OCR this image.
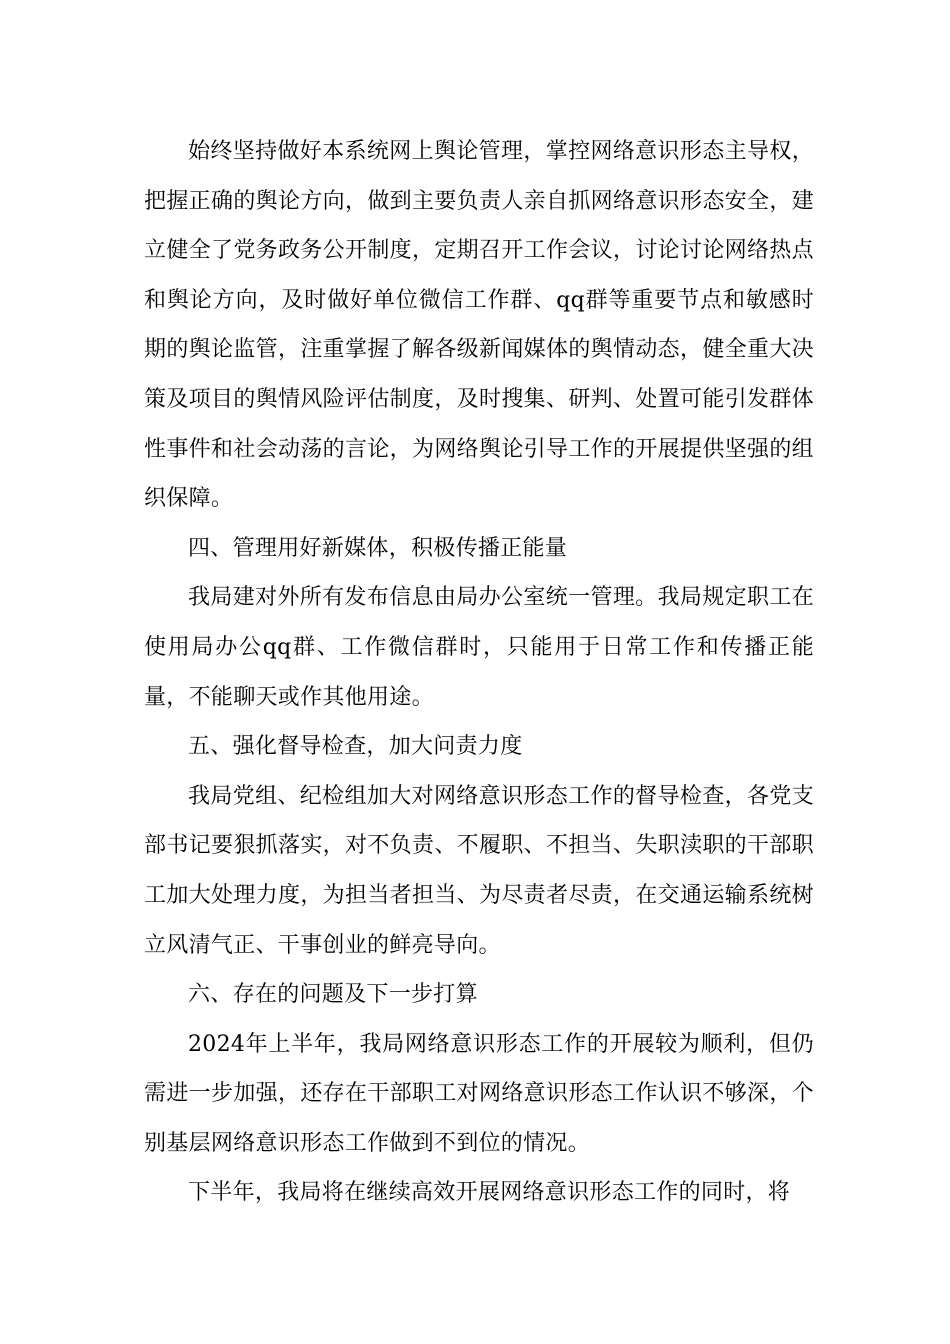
始终坚持做好本系统网上舆论管理，掌控网络意识形态主导权，把握正确的舆论方向，做到主要负责人亲自抓网络意识形态安全，建立健全了党务政务公开制度，定期召开工作会议，讨论讨论网络热点和舆论方向，及时做好单位微信工作群、qq群等重要节点和敏感时期的舆论监管，注重掌握了解各级新闻媒体的舆情动态，健全重大决策及项目的舆情风险评估制度，及时搜集、研判、处置可能引发群体性事件和社会动荡的言论，为网络舆论引导工作的开展提供坚强的组织保障。

四、管理用好新媒体，积极传播正能量

我局建对外所有发布信息由局办公室统一管理。我局规定职工在使用局办公qq群、工作微信群时，只能用于日常工作和传播正能量，不能聊天或作其他用途。

五、强化督导检查，加大问责力度

我局党组、纪检组加大对网络意识形态工作的督导检查，各党支部书记要狠抓落实，对不负责、不履职、不担当、失职渎职的干部职工加大处理力度，为担当者担当、为尽责者尽责，在交通运输系统树立风清气正、干事创业的鲜亮导向。

六、存在的问题及下一步打算

2024年上半年，我局网络意识形态工作的开展较为顺利，但仍需进一步加强，还存在干部职工对网络意识形态工作认识不够深，个别基层网络意识形态工作做到不到位的情况。

下半年，我局将在继续高效开展网络意识形态工作的同时，将
